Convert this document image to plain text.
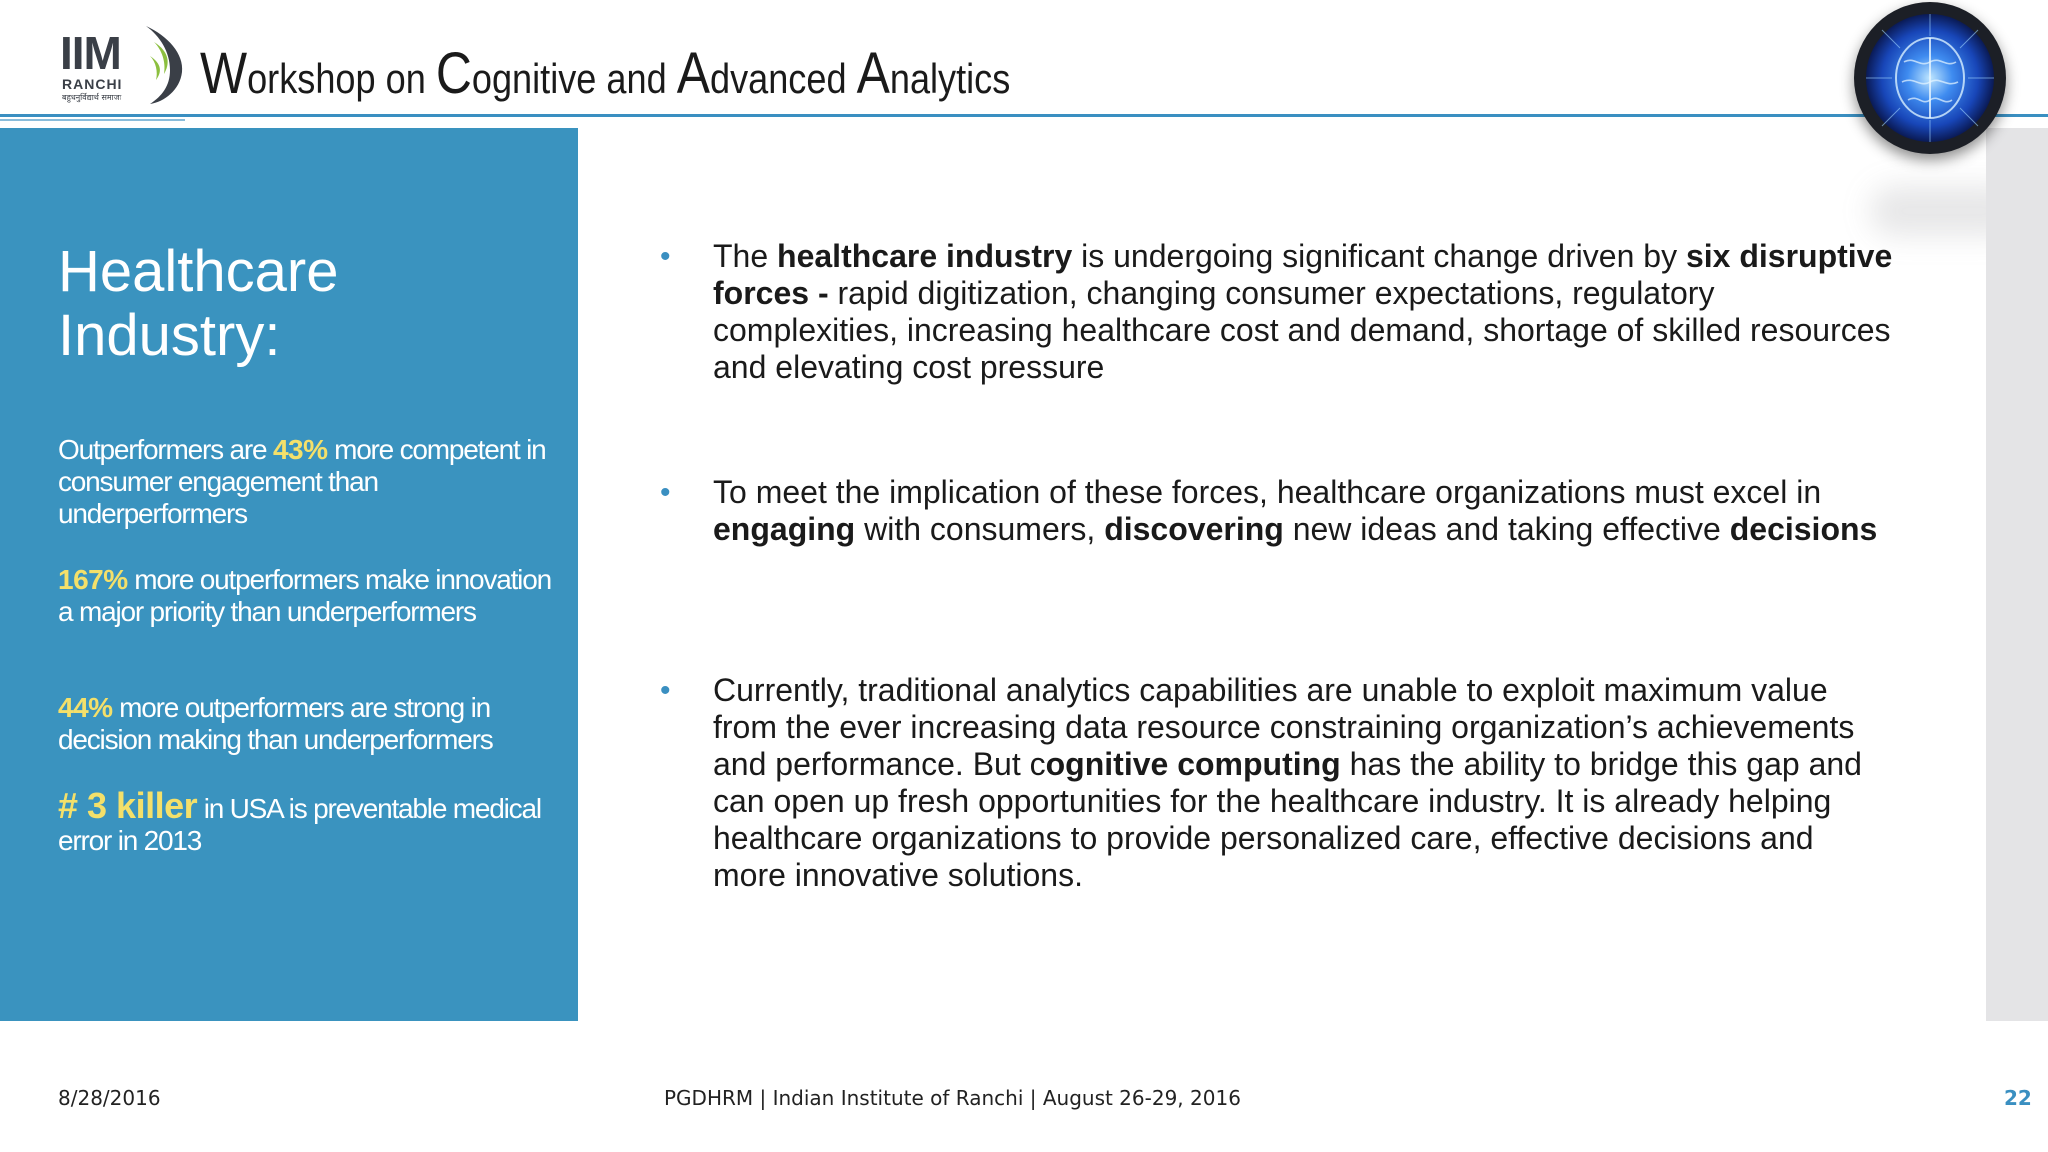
IIM
RANCHI
बहुधनुर्विद्यार्थ समाजः Workshop on Cognitive and Advanced Analytics
Healthcare
Industry:
Outperformers are 43% more competent in consumer engagement than underperformers
167% more outperformers make innovation a major priority than underperformers
44% more outperformers are strong in decision making than underperformers
# 3 killer in USA is preventable medical error in 2013
• The healthcare industry is undergoing significant change driven by six disruptive forces - rapid digitization, changing consumer expectations, regulatory complexities, increasing healthcare cost and demand, shortage of skilled resources and elevating cost pressure
• To meet the implication of these forces, healthcare organizations must excel in engaging with consumers, discovering new ideas and taking effective decisions
• Currently, traditional analytics capabilities are unable to exploit maximum value from the ever increasing data resource constraining organization’s achievements and performance. But cognitive computing has the ability to bridge this gap and can open up fresh opportunities for the healthcare industry. It is already helping healthcare organizations to provide personalized care, effective decisions and more innovative solutions.
8/28/2016	PGDHRM | Indian Institute of Ranchi | August 26-29, 2016	22
